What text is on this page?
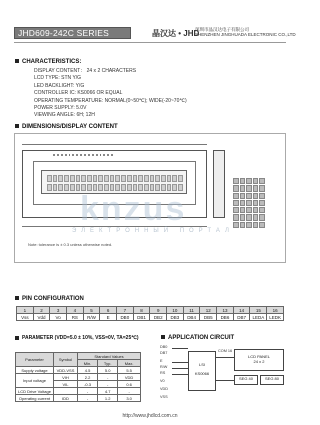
JHD609-242C SERIES	晶汉达 • JHD
深圳市晶汉达电子有限公司
SHENZHEN JINGHUADA ELECTRONIC CO.,LTD
CHARACTERISTICS:
DISPLAY CONTENT： 24 x 2 CHARACTERS
LCD TYPE: STN Y/G
LED BACKLIGHT: Y/G
CONTROLLER IC: KS0066 OR EQUAL
OPERATING TEMPERATURE: NORMAL(0~50℃); WIDE(-20~70℃)
POWER SUPPLY: 5.0V
VIEWING ANGLE: 6H; 12H
DIMENSIONS/DISPLAY CONTENT
knzus
ЭЛЕКТРОННЫЙ ПОРТАЛ
Note: tolerance is ± 0.3 unless otherwise noted.
PIN CONFIGURATION
1	2	3	4	5	6	7	8	9	10	11	12	13	14	15	16
Vss	Vdd	Vo	RS	R/W	E	DB0	DB1	DB2	DB3	DB4	DB5	DB6	DB7	LEDA	LEDK
PARAMETER (VDD=5.0 ± 10%, VSS=0V, TA=25℃)
Parameter	Symbol	Standard Values		
		Min.	Typ.	Max.
Supply voltage	VDD-VSS	4.5	5.0	5.5
Input voltage	VIH	2.2	-	VDD
	VIL	-0.3	-	0.6
LCD Drive Voltage		-	4.7	-
Operating current	IDD	-	1.2	3.0
APPLICATION CIRCUIT
DB0
DB7
E
R/W
RS
V0
VDD
VSS
LSI
KS0066
COM 16
LCD PANEL
24 x 2
SEG 40	SEG 80
http://www.jhdlcd.com.cn
